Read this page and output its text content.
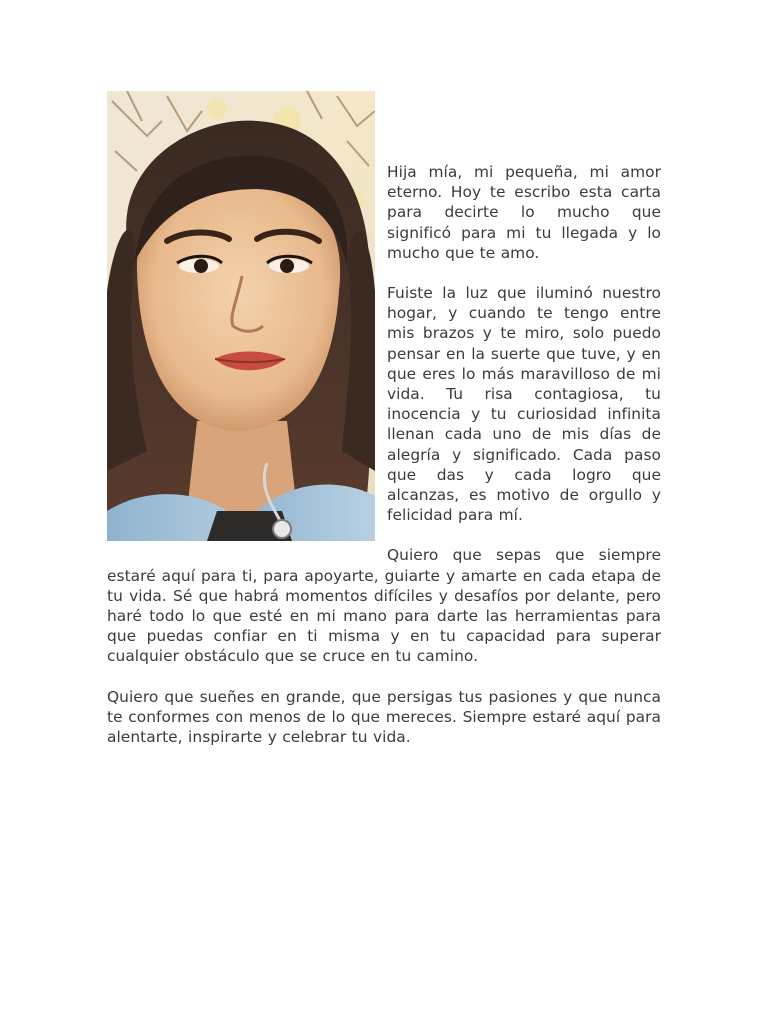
Hija mía, mi pequeña, mi amor eterno. Hoy te escribo esta carta para decirte lo mucho que significó para mi tu llegada y lo mucho que te amo.

Fuiste la luz que iluminó nuestro hogar, y cuando te tengo entre mis brazos y te miro, solo puedo pensar en la suerte que tuve, y en que eres lo más maravilloso de mi vida. Tu risa contagiosa, tu inocencia y tu curiosidad infinita llenan cada uno de mis días de alegría y significado. Cada paso que das y cada logro que alcanzas, es motivo de orgullo y felicidad para mí.

Quiero que sepas que siempre estaré aquí para ti, para apoyarte, guiarte y amarte en cada etapa de tu vida. Sé que habrá momentos difíciles y desafíos por delante, pero haré todo lo que esté en mi mano para darte las herramientas para que puedas confiar en ti misma y en tu capacidad para superar cualquier obstáculo que se cruce en tu camino.

Quiero que sueñes en grande, que persigas tus pasiones y que nunca te conformes con menos de lo que mereces. Siempre estaré aquí para alentarte, inspirarte y celebrar tu vida.
